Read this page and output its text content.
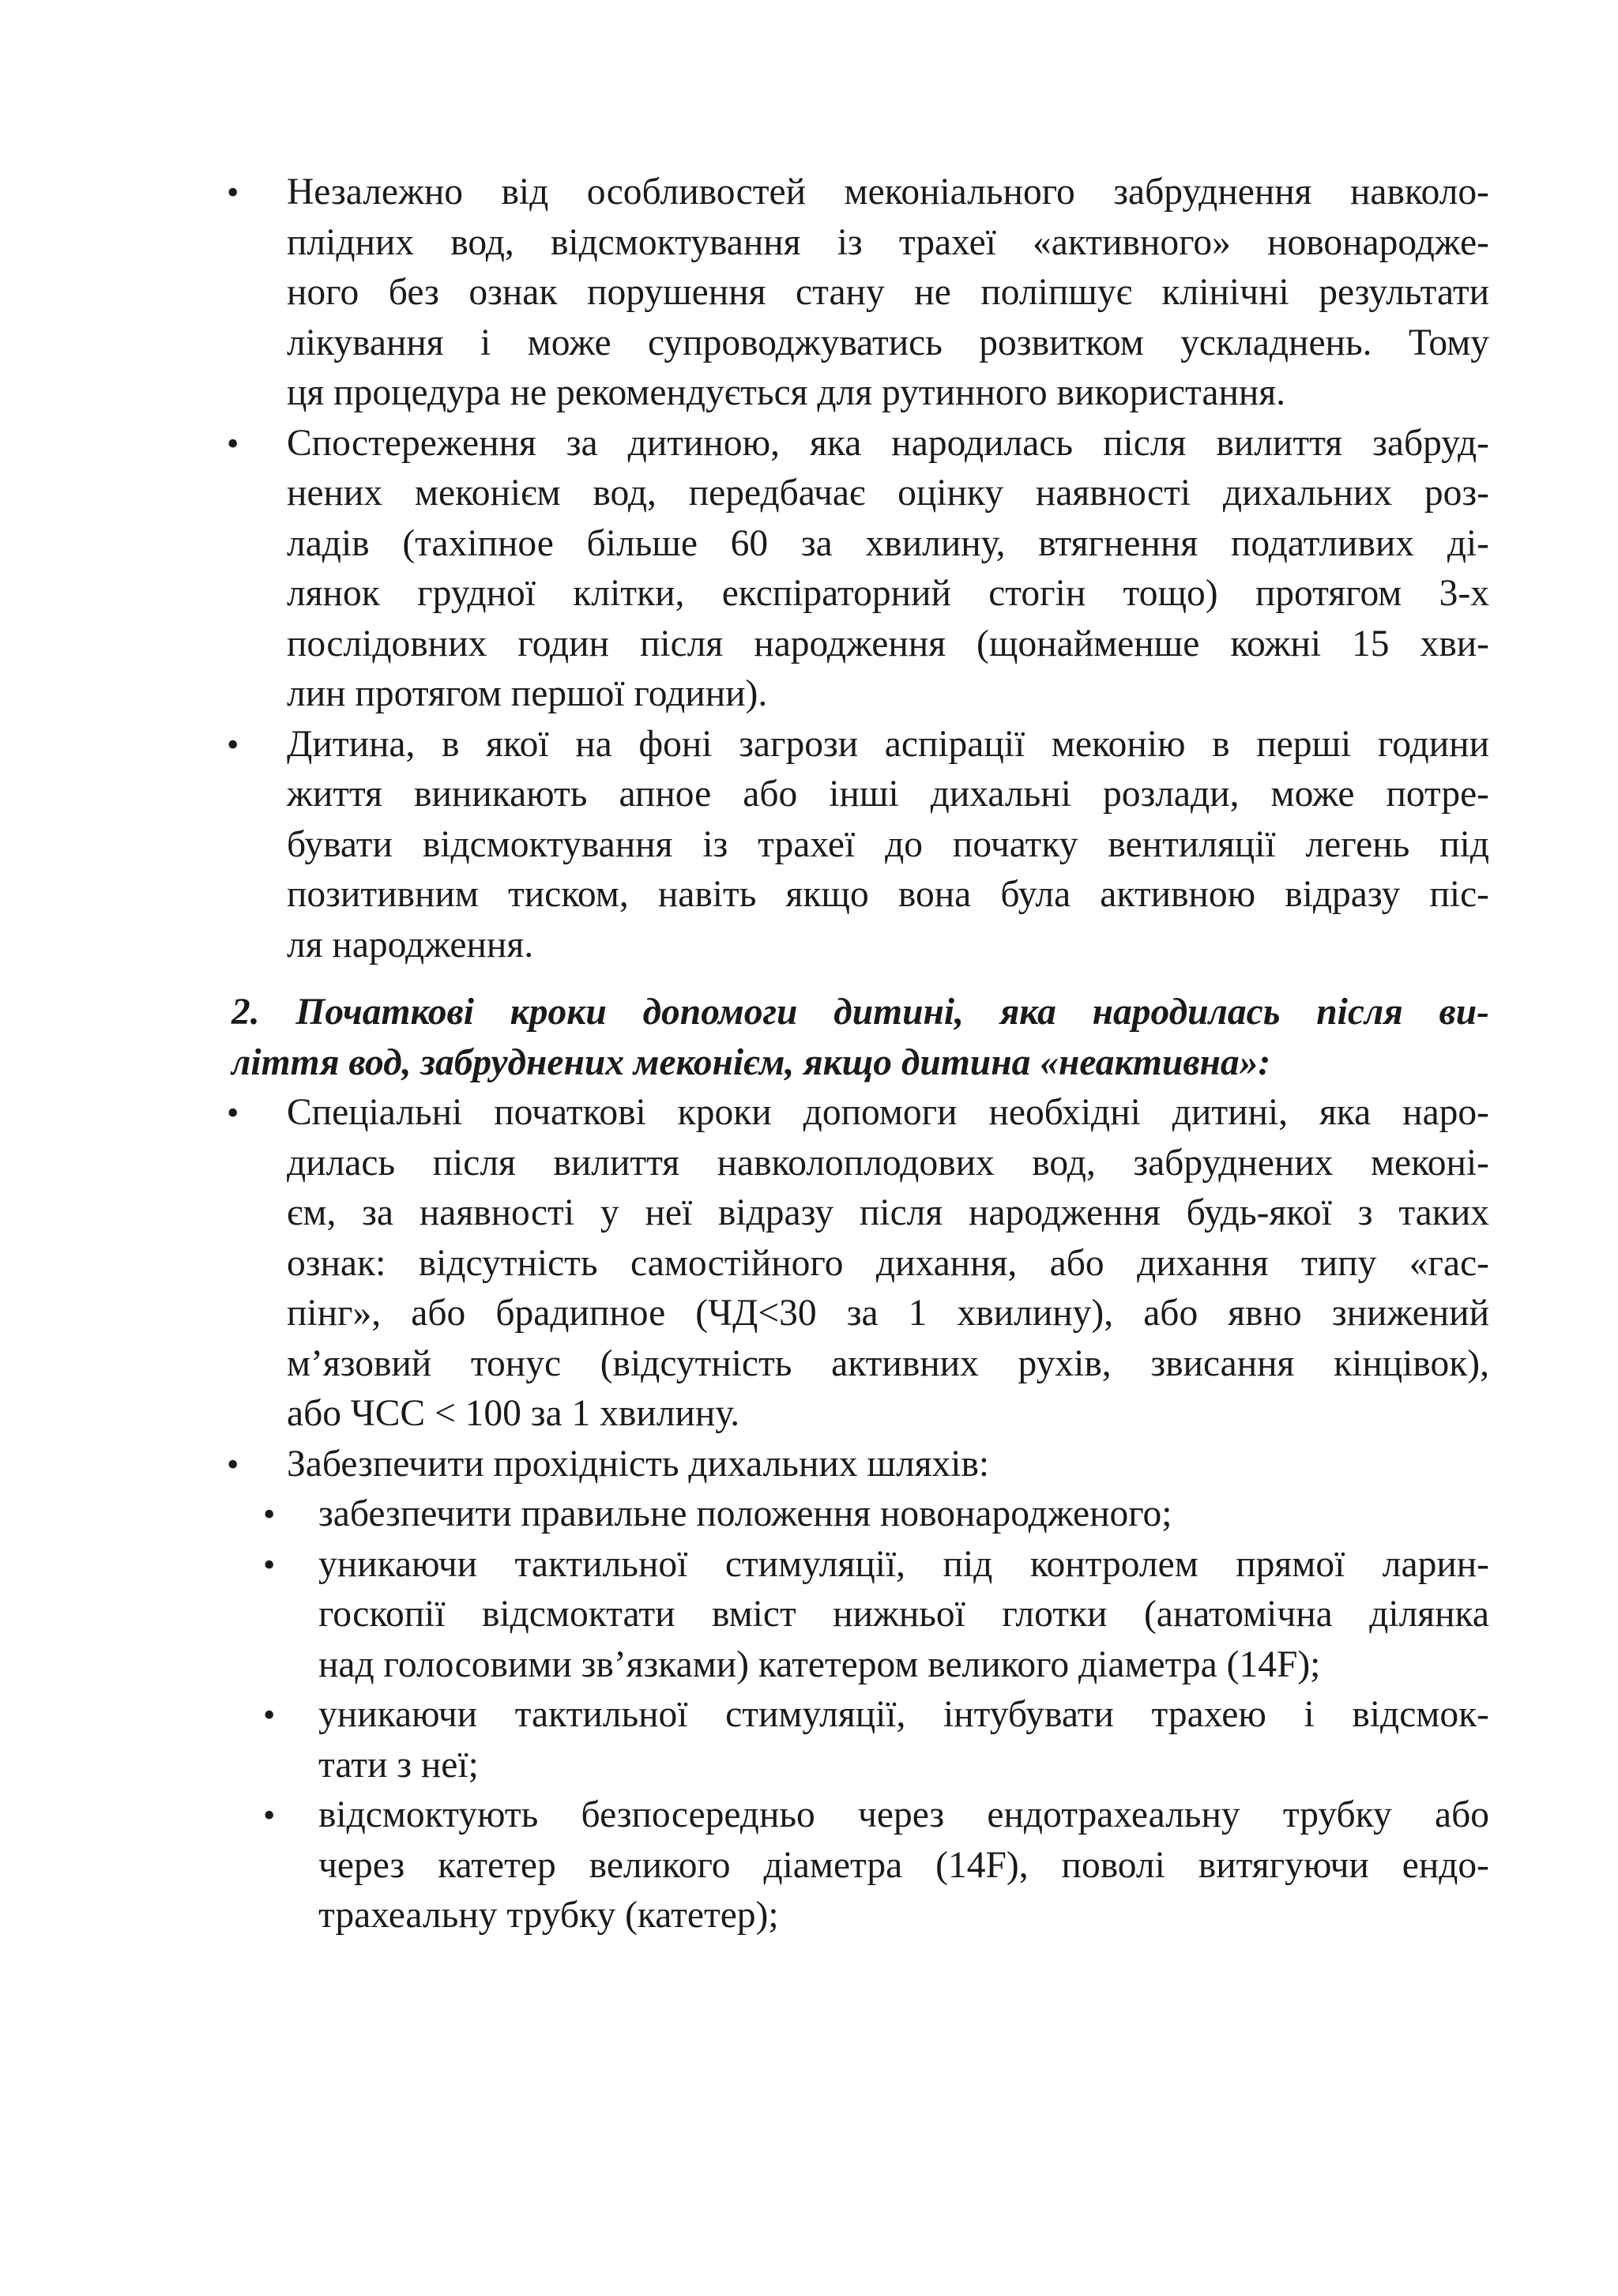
• Незалежно від особливостей меконіального забруднення навколо-
плідних вод, відсмоктування із трахеї «активного» новонародже-
ного без ознак порушення стану не поліпшує клінічні результати
лікування і може супроводжуватись розвитком ускладнень. Тому
ця процедура не рекомендується для рутинного використання.
• Спостереження за дитиною, яка народилась після вилиття забруд-
нених меконієм вод, передбачає оцінку наявності дихальних роз-
ладів (тахіпное більше 60 за хвилину, втягнення податливих ді-
лянок грудної клітки, експіраторний стогін тощо) протягом 3-х
послідовних годин після народження (щонайменше кожні 15 хви-
лин протягом першої години).
• Дитина, в якої на фоні загрози аспірації меконію в перші години
життя виникають апное або інші дихальні розлади, може потре-
бувати відсмоктування із трахеї до початку вентиляції легень під
позитивним тиском, навіть якщо вона була активною відразу піс-
ля народження.
2. Початкові кроки допомоги дитині, яка народилась після ви-
ліття вод, забруднених меконієм, якщо дитина «неактивна»:
• Спеціальні початкові кроки допомоги необхідні дитині, яка наро-
дилась після вилиття навколоплодових вод, забруднених меконі-
єм, за наявності у неї відразу після народження будь-якої з таких
ознак: відсутність самостійного дихання, або дихання типу «гас-
пінг», або брадипное (ЧД<30 за 1 хвилину), або явно знижений
м’язовий тонус (відсутність активних рухів, звисання кінцівок),
або ЧСС < 100 за 1 хвилину.
• Забезпечити прохідність дихальних шляхів:
• забезпечити правильне положення новонародженого;
• уникаючи тактильної стимуляції, під контролем прямої ларин-
госкопії відсмоктати вміст нижньої глотки (анатомічна ділянка
над голосовими зв’язками) катетером великого діаметра (14F);
• уникаючи тактильної стимуляції, інтубувати трахею і відсмок-
тати з неї;
• відсмоктують безпосередньо через ендотрахеальну трубку або
через катетер великого діаметра (14F), поволі витягуючи ендо-
трахеальну трубку (катетер);
